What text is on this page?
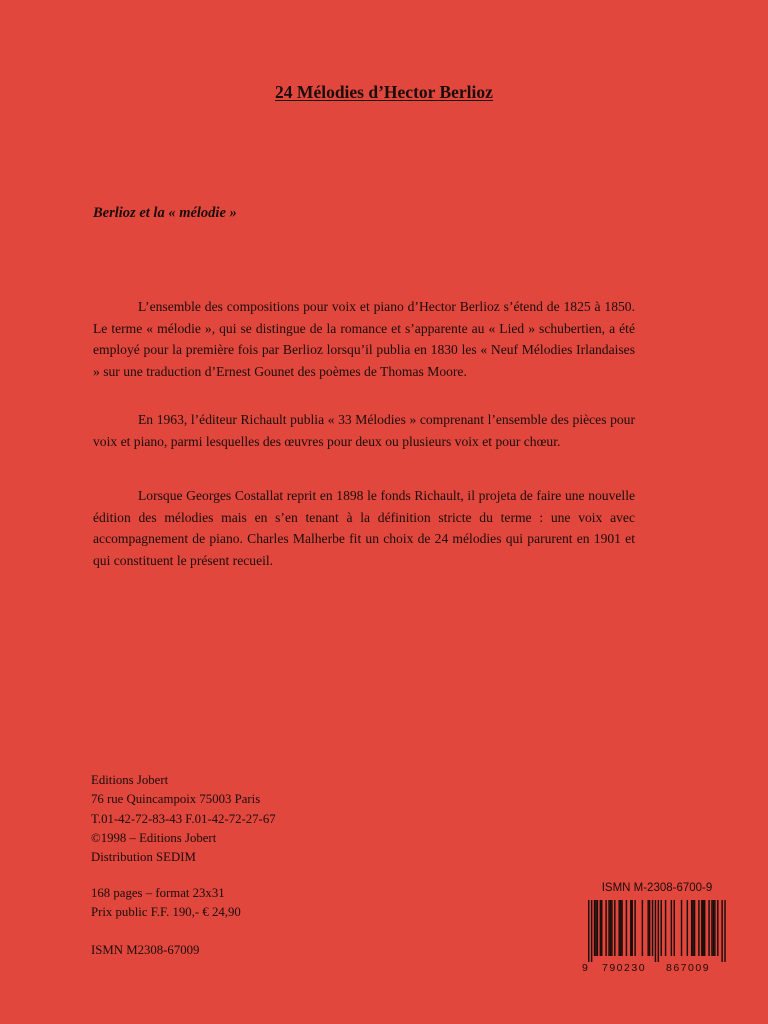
24 Mélodies d’Hector Berlioz
Berlioz et la « mélodie »

L’ensemble des compositions pour voix et piano d’Hector Berlioz s’étend de 1825 à 1850. Le terme « mélodie », qui se distingue de la romance et s’apparente au « Lied » schubertien, a été employé pour la première fois par Berlioz lorsqu’il publia en 1830 les « Neuf Mélodies Irlandaises » sur une traduction d’Ernest Gounet des poèmes de Thomas Moore.

En 1963, l’éditeur Richault publia « 33 Mélodies » comprenant l’ensemble des pièces pour voix et piano, parmi lesquelles des œuvres pour deux ou plusieurs voix et pour chœur.

Lorsque Georges Costallat reprit en 1898 le fonds Richault, il projeta de faire une nouvelle édition des mélodies mais en s’en tenant à la définition stricte du terme : une voix avec accompagnement de piano. Charles Malherbe fit un choix de 24 mélodies qui parurent en 1901 et qui constituent le présent recueil.

Editions Jobert
76 rue Quincampoix 75003 Paris
T.01-42-72-83-43 F.01-42-72-27-67
©1998 – Editions Jobert
Distribution SEDIM
168 pages – format 23x31
Prix public F.F. 190,- € 24,90
ISMN M2308-67009
ISMN M-2308-6700-9
9 790230 867009
